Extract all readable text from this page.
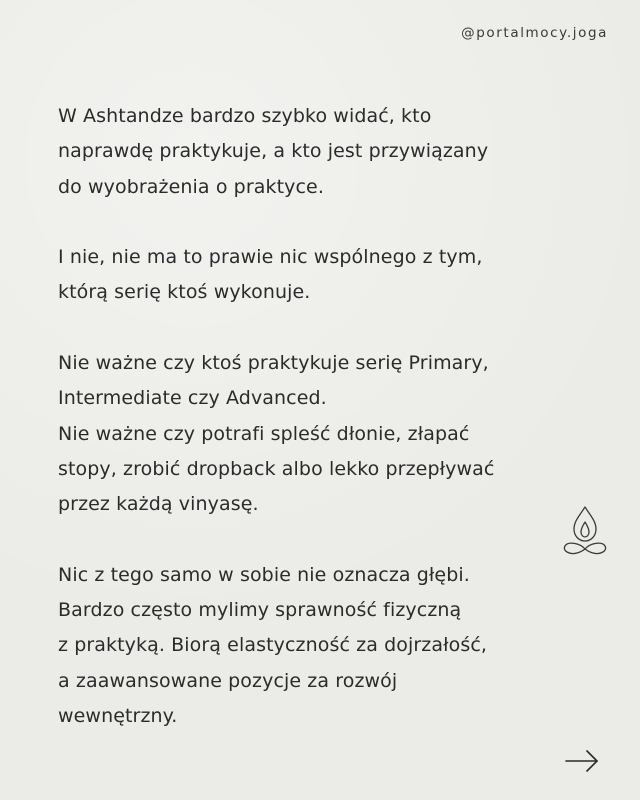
@portalmocy.joga

W Ashtandze bardzo szybko widać, kto
naprawdę praktykuje, a kto jest przywiązany
do wyobrażenia o praktyce.

I nie, nie ma to prawie nic wspólnego z tym,
którą serię ktoś wykonuje.

Nie ważne czy ktoś praktykuje serię Primary,
Intermediate czy Advanced.
Nie ważne czy potrafi spleść dłonie, złapać
stopy, zrobić dropback albo lekko przepływać
przez każdą vinyasę.

Nic z tego samo w sobie nie oznacza głębi.
Bardzo często mylimy sprawność fizyczną
z praktyką. Biorą elastyczność za dojrzałość,
a zaawansowane pozycje za rozwój
wewnętrzny.
